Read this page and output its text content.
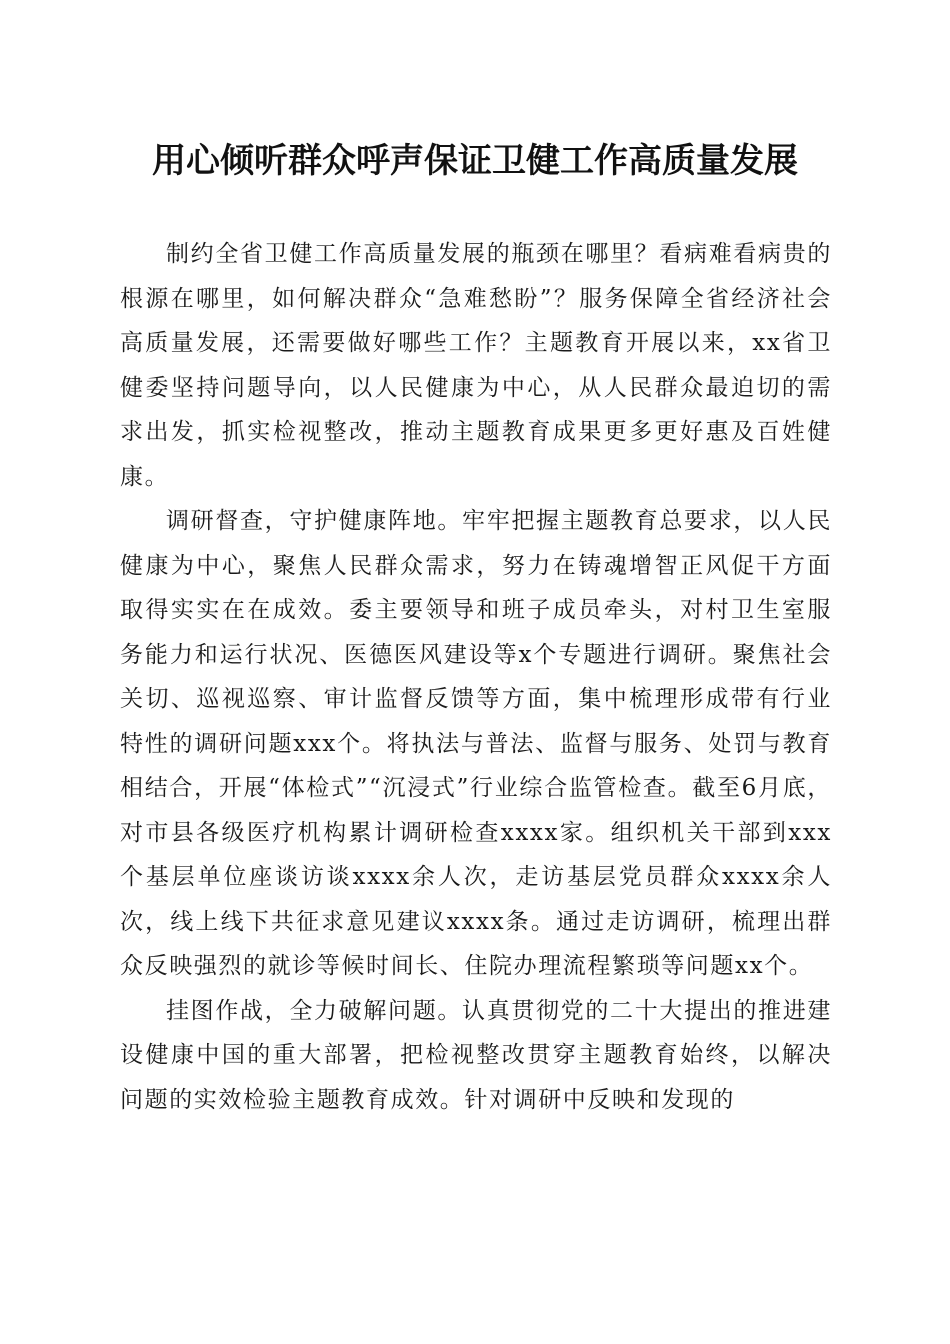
用心倾听群众呼声保证卫健工作高质量发展

制约全省卫健工作高质量发展的瓶颈在哪里？看病难看病贵的根源在哪里，如何解决群众“急难愁盼”？服务保障全省经济社会高质量发展，还需要做好哪些工作？主题教育开展以来，xx省卫健委坚持问题导向，以人民健康为中心，从人民群众最迫切的需求出发，抓实检视整改，推动主题教育成果更多更好惠及百姓健康。

调研督查，守护健康阵地。牢牢把握主题教育总要求，以人民健康为中心，聚焦人民群众需求，努力在铸魂增智正风促干方面取得实实在在成效。委主要领导和班子成员牵头，对村卫生室服务能力和运行状况、医德医风建设等x个专题进行调研。聚焦社会关切、巡视巡察、审计监督反馈等方面，集中梳理形成带有行业特性的调研问题xxx个。将执法与普法、监督与服务、处罚与教育相结合，开展“体检式”“沉浸式”行业综合监管检查。截至6月底，对市县各级医疗机构累计调研检查xxxx家。组织机关干部到xxx个基层单位座谈访谈xxxx余人次，走访基层党员群众xxxx余人次，线上线下共征求意见建议xxxx条。通过走访调研，梳理出群众反映强烈的就诊等候时间长、住院办理流程繁琐等问题xx个。

挂图作战，全力破解问题。认真贯彻党的二十大提出的推进建设健康中国的重大部署，把检视整改贯穿主题教育始终，以解决问题的实效检验主题教育成效。针对调研中反映和发现的
